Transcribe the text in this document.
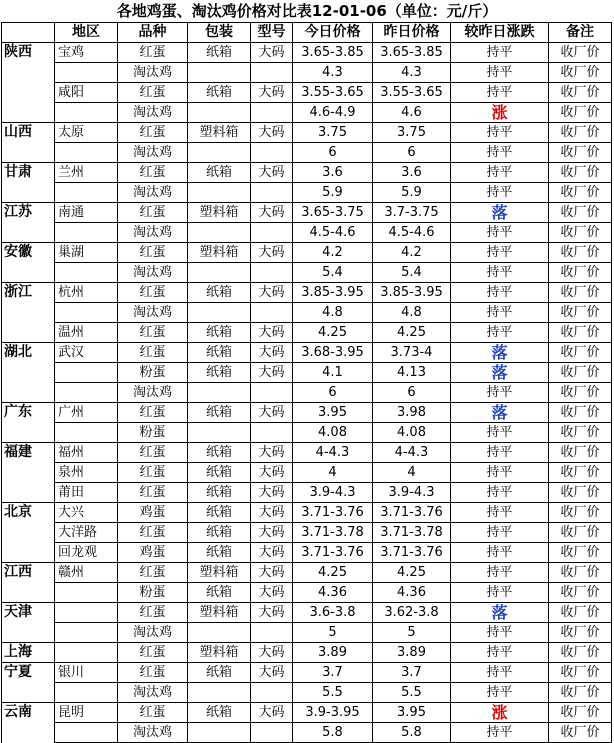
各地鸡蛋、淘汰鸡价格对比表12-01-06（单位：元/斤）
	地区	品种	包装	型号	今日价格	昨日价格	较昨日涨跌	备注
陕西	宝鸡	红蛋	纸箱	大码	3.65-3.85	3.65-3.85	持平	收厂价
		淘汰鸡			4.3	4.3	持平	收厂价
	咸阳	红蛋	纸箱	大码	3.55-3.65	3.55-3.65	持平	收厂价
		淘汰鸡			4.6-4.9	4.6	涨	收厂价
山西	太原	红蛋	塑料箱	大码	3.75	3.75	持平	收厂价
		淘汰鸡			6	6	持平	收厂价
甘肃	兰州	红蛋	纸箱	大码	3.6	3.6	持平	收厂价
		淘汰鸡			5.9	5.9	持平	收厂价
江苏	南通	红蛋	塑料箱	大码	3.65-3.75	3.7-3.75	落	收厂价
		淘汰鸡			4.5-4.6	4.5-4.6	持平	收厂价
安徽	巢湖	红蛋	塑料箱	大码	4.2	4.2	持平	收厂价
		淘汰鸡			5.4	5.4	持平	收厂价
浙江	杭州	红蛋	纸箱	大码	3.85-3.95	3.85-3.95	持平	收厂价
		淘汰鸡			4.8	4.8	持平	收厂价
	温州	红蛋	纸箱	大码	4.25	4.25	持平	收厂价
湖北	武汉	红蛋	纸箱	大码	3.68-3.95	3.73-4	落	收厂价
		粉蛋	纸箱	大码	4.1	4.13	落	收厂价
		淘汰鸡			6	6	持平	收厂价
广东	广州	红蛋	纸箱	大码	3.95	3.98	落	收厂价
		粉蛋			4.08	4.08	持平	收厂价
福建	福州	红蛋	纸箱	大码	4-4.3	4-4.3	持平	收厂价
	泉州	红蛋	纸箱	大码	4	4	持平	收厂价
	莆田	红蛋	纸箱	大码	3.9-4.3	3.9-4.3	持平	收厂价
北京	大兴	鸡蛋	纸箱	大码	3.71-3.76	3.71-3.76	持平	收厂价
	大洋路	红蛋	纸箱	大码	3.71-3.78	3.71-3.78	持平	收厂价
	回龙观	鸡蛋	纸箱	大码	3.71-3.76	3.71-3.76	持平	收厂价
江西	赣州	红蛋	塑料箱	大码	4.25	4.25	持平	收厂价
		粉蛋	纸箱	大码	4.36	4.36	持平	收厂价
天津		红蛋	塑料箱	大码	3.6-3.8	3.62-3.8	落	收厂价
		淘汰鸡			5	5	持平	收厂价
上海		红蛋	塑料箱	大码	3.89	3.89	持平	收厂价
宁夏	银川	红蛋	纸箱	大码	3.7	3.7	持平	收厂价
		淘汰鸡			5.5	5.5	持平	收厂价
云南	昆明	红蛋	纸箱	大码	3.9-3.95	3.95	涨	收厂价
		淘汰鸡			5.8	5.8	持平	收厂价
